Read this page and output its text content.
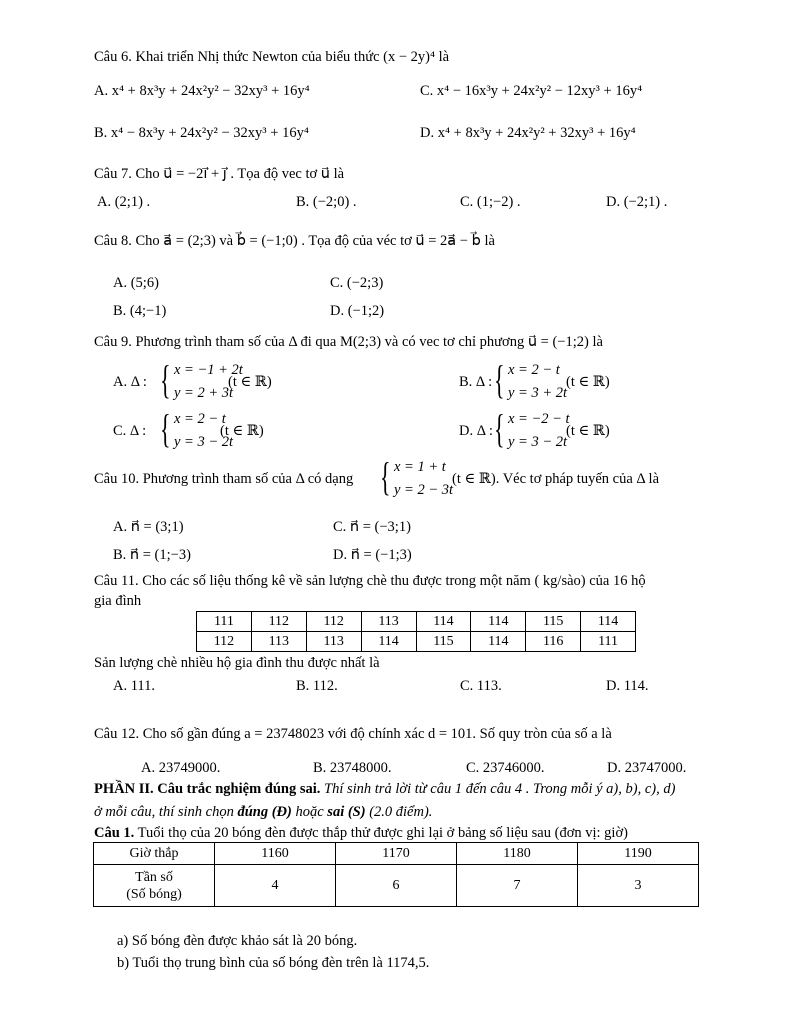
Câu 6. Khai triển Nhị thức Newton của biểu thức (x − 2y)⁴ là
A. x⁴ + 8x³y + 24x²y² − 32xy³ + 16y⁴	C. x⁴ − 16x³y + 24x²y² − 12xy³ + 16y⁴
B. x⁴ − 8x³y + 24x²y² − 32xy³ + 16y⁴	D. x⁴ + 8x³y + 24x²y² + 32xy³ + 16y⁴
Câu 7. Cho u⃗ = −2i⃗ + j⃗ . Tọa độ vec tơ u⃗ là
A. (2;1) .	B. (−2;0) .	C. (1;−2) .	D. (−2;1) .
Câu 8. Cho a⃗ = (2;3) và b⃗ = (−1;0) . Tọa độ của véc tơ u⃗ = 2a⃗ − b⃗ là
A. (5;6)	C. (−2;3)
B. (4;−1)	D. (−1;2)
Câu 9. Phương trình tham số của Δ đi qua M(2;3) và có vec tơ chỉ phương u⃗ = (−1;2) là
A. Δ : { x = −1 + 2t
y = 2 + 3t
(t ∈ ℝ)	B. Δ : { x = 2 − t
y = 3 + 2t
(t ∈ ℝ)
C. Δ : { x = 2 − t
y = 3 − 2t
(t ∈ ℝ)	D. Δ : { x = −2 − t
y = 3 − 2t
(t ∈ ℝ)
Câu 10. Phương trình tham số của Δ có dạng { x = 1 + t
y = 2 − 3t
(t ∈ ℝ). Véc tơ pháp tuyến của Δ là
A. n⃗ = (3;1)	C. n⃗ = (−3;1)
B. n⃗ = (1;−3)	D. n⃗ = (−1;3)
Câu 11. Cho các số liệu thống kê về sản lượng chè thu được trong một năm ( kg/sào) của 16 hộ
gia đình
111	112	112	113	114	114	115	114
112	113	113	114	115	114	116	111
Sản lượng chè nhiều hộ gia đình thu được nhất là
A. 111.	B. 112.	C. 113.	D. 114.
Câu 12. Cho số gần đúng a = 23748023 với độ chính xác d = 101. Số quy tròn của số a là
A. 23749000.	B. 23748000.	C. 23746000.	D. 23747000.
PHẦN II. Câu trắc nghiệm đúng sai. Thí sinh trả lời từ câu 1 đến câu 4 . Trong mỗi ý a), b), c), d)
ở mỗi câu, thí sinh chọn đúng (Đ) hoặc sai (S) (2.0 điểm).
Câu 1. Tuổi thọ của 20 bóng đèn được thắp thử được ghi lại ở bảng số liệu sau (đơn vị: giờ)
Giờ thắp	1160	1170	1180	1190

Tần số
(Số bóng)	4	6	7	3
a) Số bóng đèn được khảo sát là 20 bóng.
b) Tuổi thọ trung bình của số bóng đèn trên là 1174,5.
